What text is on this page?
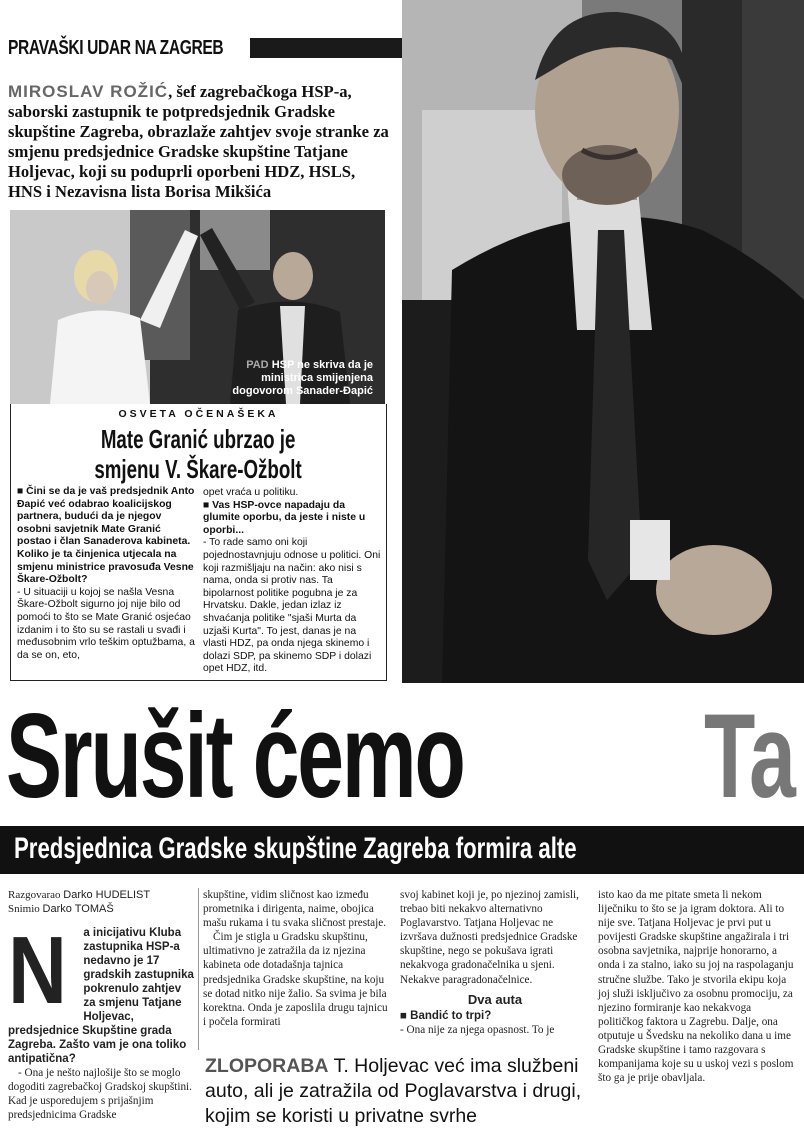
PRAVAŠKI UDAR NA ZAGREB
MIROSLAV ROŽIĆ, šef zagrebačkoga HSP-a, saborski zastupnik te potpredsjednik Gradske skupštine Zagreba, obrazlaže zahtjev svoje stranke za smjenu predsjednice Gradske skupštine Tatjane Holjevac, koji su poduprli oporbeni HDZ, HSLS, HNS i Nezavisna lista Borisa Mikšića
PAD HSP ne skriva da je ministrica smijenjena dogovorom Sanader-Đapić
OSVETA OČENAŠEKA
Mate Granić ubrzao je
smjenu V. Škare-Ožbolt
■ Čini se da je vaš predsjednik Anto Đapić već odabrao koalicijskog partnera, budući da je njegov osobni savjetnik Mate Granić postao i član Sanaderova kabineta. Koliko je ta činjenica utjecala na smjenu ministrice pravosuđa Vesne Škare-Ožbolt?
- U situaciji u kojoj se našla Vesna Škare-Ožbolt sigurno joj nije bilo od pomoći to što se Mate Granić osjećao izdanim i to što su se rastali u svađi i međusobnim vrlo teškim optužbama, a da se on, eto,
opet vraća u politiku.
■ Vas HSP-ovce napadaju da glumite oporbu, da jeste i niste u oporbi...
- To rade samo oni koji pojednostavnjuju odnose u politici. Oni koji razmišljaju na način: ako nisi s nama, onda si protiv nas. Ta bipolarnost politike pogubna je za Hrvatsku. Dakle, jedan izlaz iz shvaćanja politike "sjaši Murta da uzjaši Kurta". To jest, danas je na vlasti HDZ, pa onda njega skinemo i dolazi SDP, pa skinemo SDP i dolazi opet HDZ, itd.
Srušit ćemo	Ta
Predsjednica Gradske skupštine Zagreba formira alte
Razgovarao Darko HUDELIST
Snimio Darko TOMAŠ
N	a inicijativu Kluba zastupnika HSP-a nedavno je 17 gradskih zastupnika pokrenulo zahtjev za smjenu Tatjane Holjevac, predsjednice Skupštine grada Zagreba. Zašto vam je ona toliko antipatična?

- Ona je nešto najlošije što se moglo dogoditi zagrebačkoj Gradskoj skupštini. Kad je usporedujem s prijašnjim predsjednicima Gradske

skupštine, vidim sličnost kao između prometnika i dirigenta, naime, obojica mašu rukama i tu svaka sličnost prestaje.

Čim je stigla u Gradsku skupštinu, ultimativno je zatražila da iz njezina kabineta ode dotadašnja tajnica predsjednika Gradske skupštine, na koju se dotad nitko nije žalio. Sa svima je bila korektna. Onda je zaposlila drugu tajnicu i počela formirati

svoj kabinet koji je, po njezinoj zamisli, trebao biti nekakvo alternativno Poglavarstvo. Tatjana Holjevac ne izvršava dužnosti predsjednice Gradske skupštine, nego se pokušava igrati nekakvoga gradonačelnika u sjeni. Nekakve paragradonačelnice.

Dva auta

■ Bandić to trpi?

- Ona nije za njega opasnost. To je

isto kao da me pitate smeta li nekom liječniku to što se ja igram doktora. Ali to nije sve. Tatjana Holjevac je prvi put u povijesti Gradske skupštine angažirala i tri osobna savjetnika, najprije honorarno, a onda i za stalno, iako su joj na raspolaganju stručne službe. Tako je stvorila ekipu koja joj služi isključivo za osobnu promociju, za njezino formiranje kao nekakvoga političkog faktora u Zagrebu. Dalje, ona otputuje u Švedsku na nekoliko dana u ime Gradske skupštine i tamo razgovara s kompanijama koje su u uskoj vezi s poslom što ga je prije obavljala.

ZLOPORABA T. Holjevac već ima službeni auto, ali je zatražila od Poglavarstva i drugi, kojim se koristi u privatne svrhe
